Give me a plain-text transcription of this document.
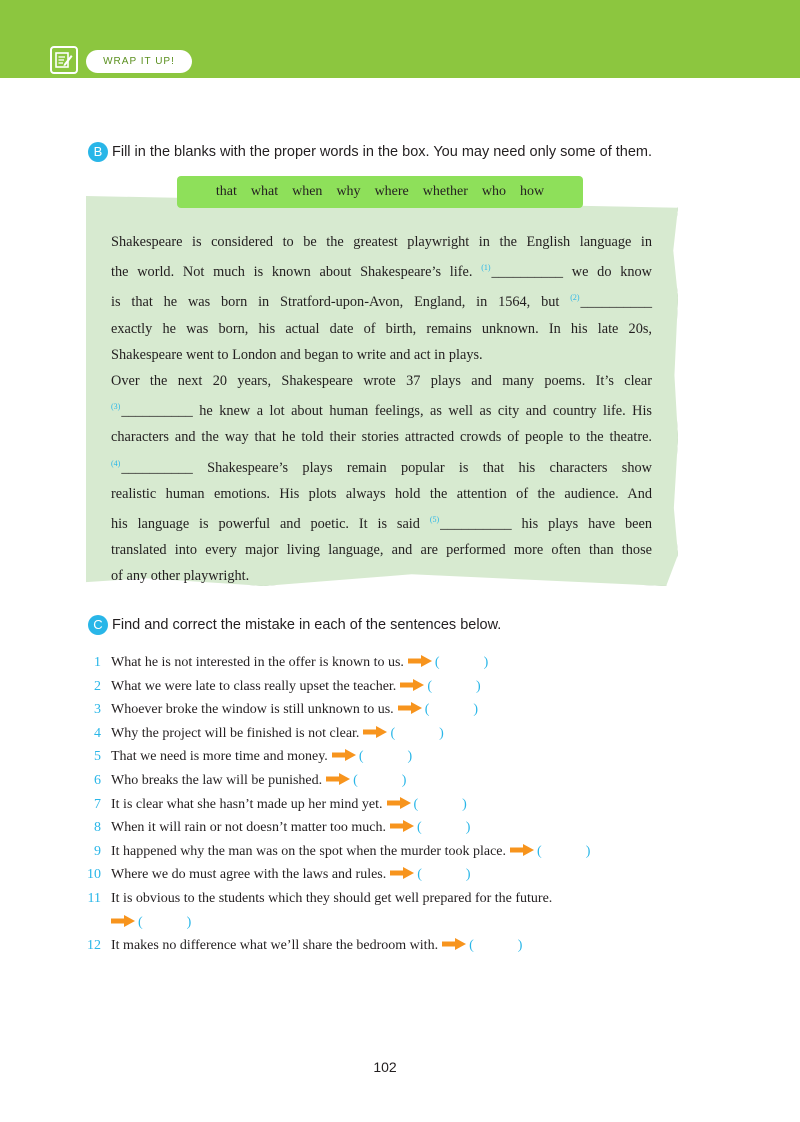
WRAP IT UP!
B Fill in the blanks with the proper words in the box. You may need only some of them.
that what when why where whether who how

Shakespeare is considered to be the greatest playwright in the English language in

the world. Not much is known about Shakespeare’s life. $^{(1)}$__________ we do know

is that he was born in Stratford-upon-Avon, England, in 1564, but $^{(2)}$__________

exactly he was born, his actual date of birth, remains unknown. In his late 20s,

Shakespeare went to London and began to write and act in plays.

Over the next 20 years, Shakespeare wrote 37 plays and many poems. It’s clear

$^{(3)}$__________ he knew a lot about human feelings, as well as city and country life. His

characters and the way that he told their stories attracted crowds of people to the theatre.

$^{(4)}$__________ Shakespeare’s plays remain popular is that his characters show

realistic human emotions. His plots always hold the attention of the audience. And

his language is powerful and poetic. It is said $^{(5)}$__________ his plays have been

translated into every major living language, and are performed more often than those

of any other playwright.

C Find and correct the mistake in each of the sentences below.
1 What he is not interested in the offer is known to us. (	)
2 What we were late to class really upset the teacher. (	)
3 Whoever broke the window is still unknown to us. (	)
4 Why the project will be finished is not clear. (	)
5 That we need is more time and money. (	)
6 Who breaks the law will be punished. (	)
7 It is clear what she hasn’t made up her mind yet. (	)
8 When it will rain or not doesn’t matter too much. (	)
9 It happened why the man was on the spot when the murder took place. (	)
10 Where we do must agree with the laws and rules. (	)
11 It is obvious to the students which they should get well prepared for the future.
(	)
12 It makes no difference what we’ll share the bedroom with. (	)
102
